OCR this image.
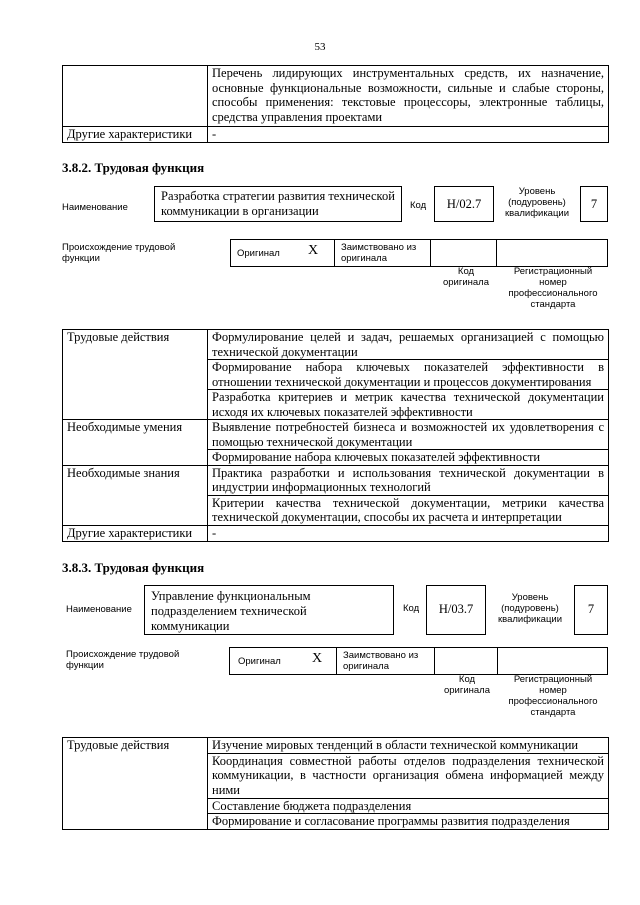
53
	Перечень лидирующих инструментальных средств, их назначение, основные функциональные возможности, сильные и слабые стороны, способы применения: текстовые процессоры, электронные таблицы, средства управления проектами
Другие характеристики	-
3.8.2. Трудовая функция
Наименование
Разработка стратегии развития технической коммуникации в организации	Код	H/02.7
Уровень (подуровень) квалификации
7
Происхождение трудовой функции	Оригинал X	Заимствовано из оригинала
Код оригинала
Регистрационный номер профессионального стандарта
Трудовые действия	Формулирование целей и задач, решаемых организацией с помощью технической документации
	Формирование набора ключевых показателей эффективности в отношении технической документации и процессов документирования
	Разработка критериев и метрик качества технической документации исходя их ключевых показателей эффективности
Необходимые умения	Выявление потребностей бизнеса и возможностей их удовлетворения с помощью технической документации
	Формирование набора ключевых показателей эффективности
Необходимые знания	Практика разработки и использования технической документации в индустрии информационных технологий
	Критерии качества технической документации, метрики качества технической документации, способы их расчета и интерпретации
Другие характеристики	-
3.8.3. Трудовая функция
Наименование
Управление функциональным подразделением технической коммуникации
Код	H/03.7
Уровень (подуровень) квалификации
7
Происхождение трудовой функции	Оригинал X	Заимствовано из оригинала
Код оригинала
Регистрационный номер профессионального стандарта
Трудовые действия	Изучение мировых тенденций в области технической коммуникации
Координация совместной работы отделов подразделения технической коммуникации, в частности организация обмена информацией между ними
Составление бюджета подразделения
Формирование и согласование программы развития подразделения
